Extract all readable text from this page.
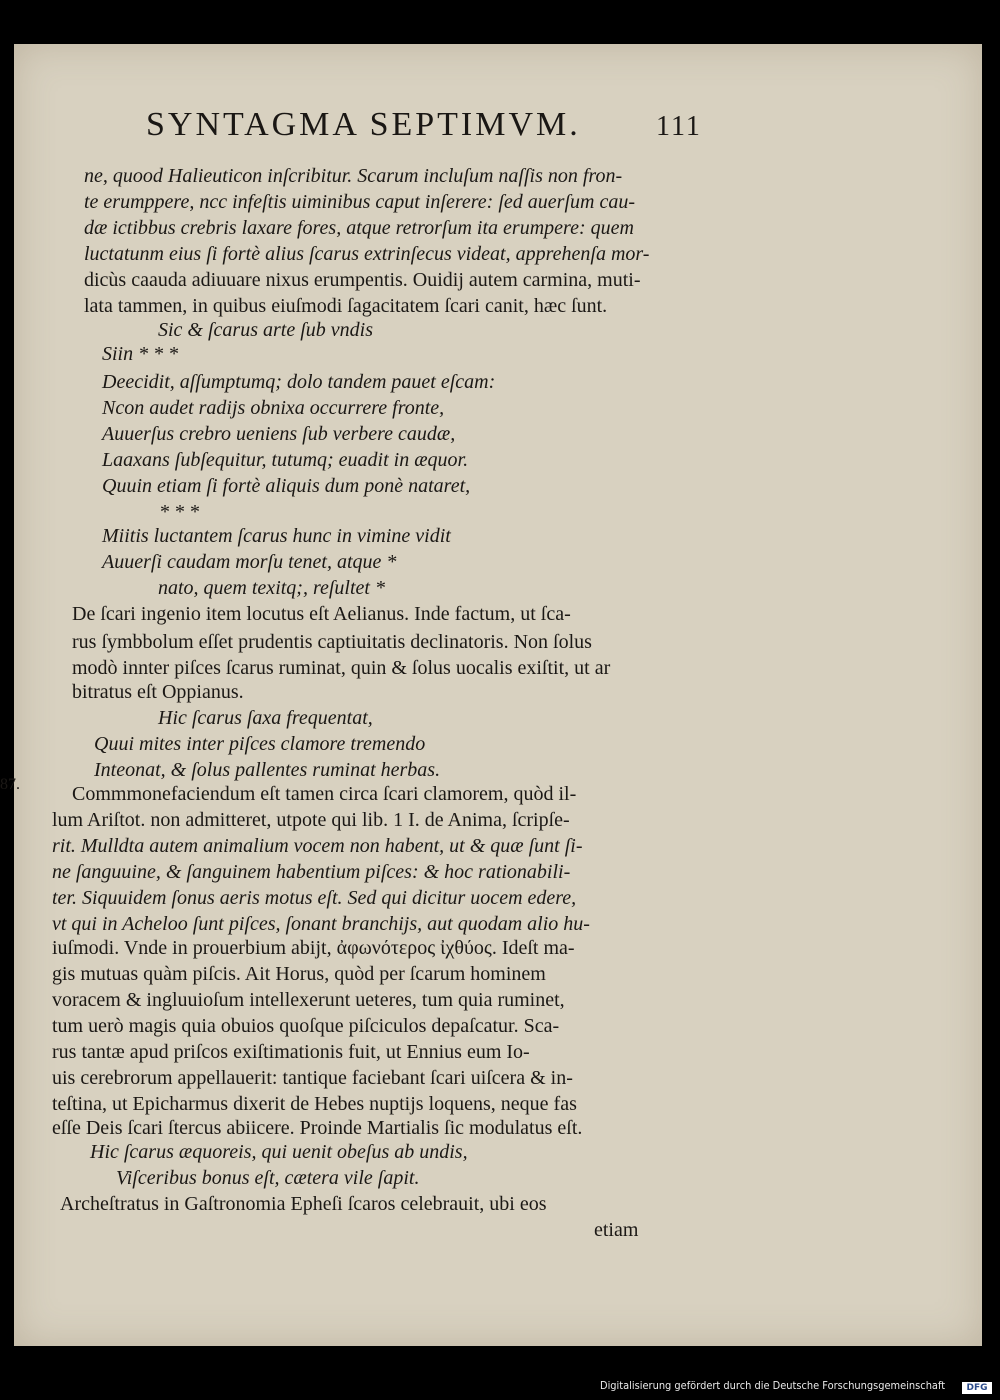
SYNTAGMA SEPTIMVM.	111
87.
ne, quood Halieuticon inſcribitur. Scarum incluſum naſſis non fron-
te erumppere, ncc infeſtis uiminibus caput inſerere: ſed auerſum cau-
dæ ictibbus crebris laxare fores, atque retrorſum ita erumpere: quem
luctatunm eius ſi fortè alius ſcarus extrinſecus videat, apprehenſa mor-
dicùs caauda adiuuare nixus erumpentis. Ouidij autem carmina, muti-
lata tammen, in quibus eiuſmodi ſagacitatem ſcari canit, hæc ſunt.
Sic & ſcarus arte ſub vndis
Siin * * *
Deecidit, aſſumptumq; dolo tandem pauet eſcam:
Ncon audet radijs obnixa occurrere fronte,
Auuerſus crebro ueniens ſub verbere caudæ,
Laaxans ſubſequitur, tutumq; euadit in æquor.
Quuin etiam ſi fortè aliquis dum ponè nataret,
* * *
Miitis luctantem ſcarus hunc in vimine vidit
Auuerſi caudam morſu tenet, atque *
nato, quem texitq;, reſultet *
De ſcari ingenio item locutus eſt Aelianus. Inde factum, ut ſca-
rus ſymbbolum eſſet prudentis captiuitatis declinatoris. Non ſolus
modò innter piſces ſcarus ruminat, quin & ſolus uocalis exiſtit, ut ar
bitratus eſt Oppianus.
Hic ſcarus ſaxa frequentat,
Quui mites inter piſces clamore tremendo
Inteonat, & ſolus pallentes ruminat herbas.
Commmonefaciendum eſt tamen circa ſcari clamorem, quòd il-
lum Ariſtot. non admitteret, utpote qui lib. 1 I. de Anima, ſcripſe-
rit. Mulldta autem animalium vocem non habent, ut & quæ ſunt ſi-
ne ſanguuine, & ſanguinem habentium piſces: & hoc rationabili-
ter. Siquuidem ſonus aeris motus eſt. Sed qui dicitur uocem edere,
vt qui in Acheloo ſunt piſces, ſonant branchijs, aut quodam alio hu-
iuſmodi. Vnde in prouerbium abijt, ἀφωνότερος ἰχθύος. Ideſt ma-
gis mutuas quàm piſcis. Ait Horus, quòd per ſcarum hominem
voracem & ingluuioſum intellexerunt ueteres, tum quia ruminet,
tum uerò magis quia obuios quoſque piſciculos depaſcatur. Sca-
rus tantæ apud priſcos exiſtimationis fuit, ut Ennius eum Io-
uis cerebrorum appellauerit: tantique faciebant ſcari uiſcera & in-
teſtina, ut Epicharmus dixerit de Hebes nuptijs loquens, neque fas
eſſe Deis ſcari ſtercus abiicere. Proinde Martialis ſic modulatus eſt.
Hic ſcarus æquoreis, qui uenit obeſus ab undis,
Viſceribus bonus eſt, cætera vile ſapit.
Archeſtratus in Gaſtronomia Epheſi ſcaros celebrauit, ubi eos
etiam
Digitalisierung gefördert durch die Deutsche Forschungsgemeinschaft	DFG
